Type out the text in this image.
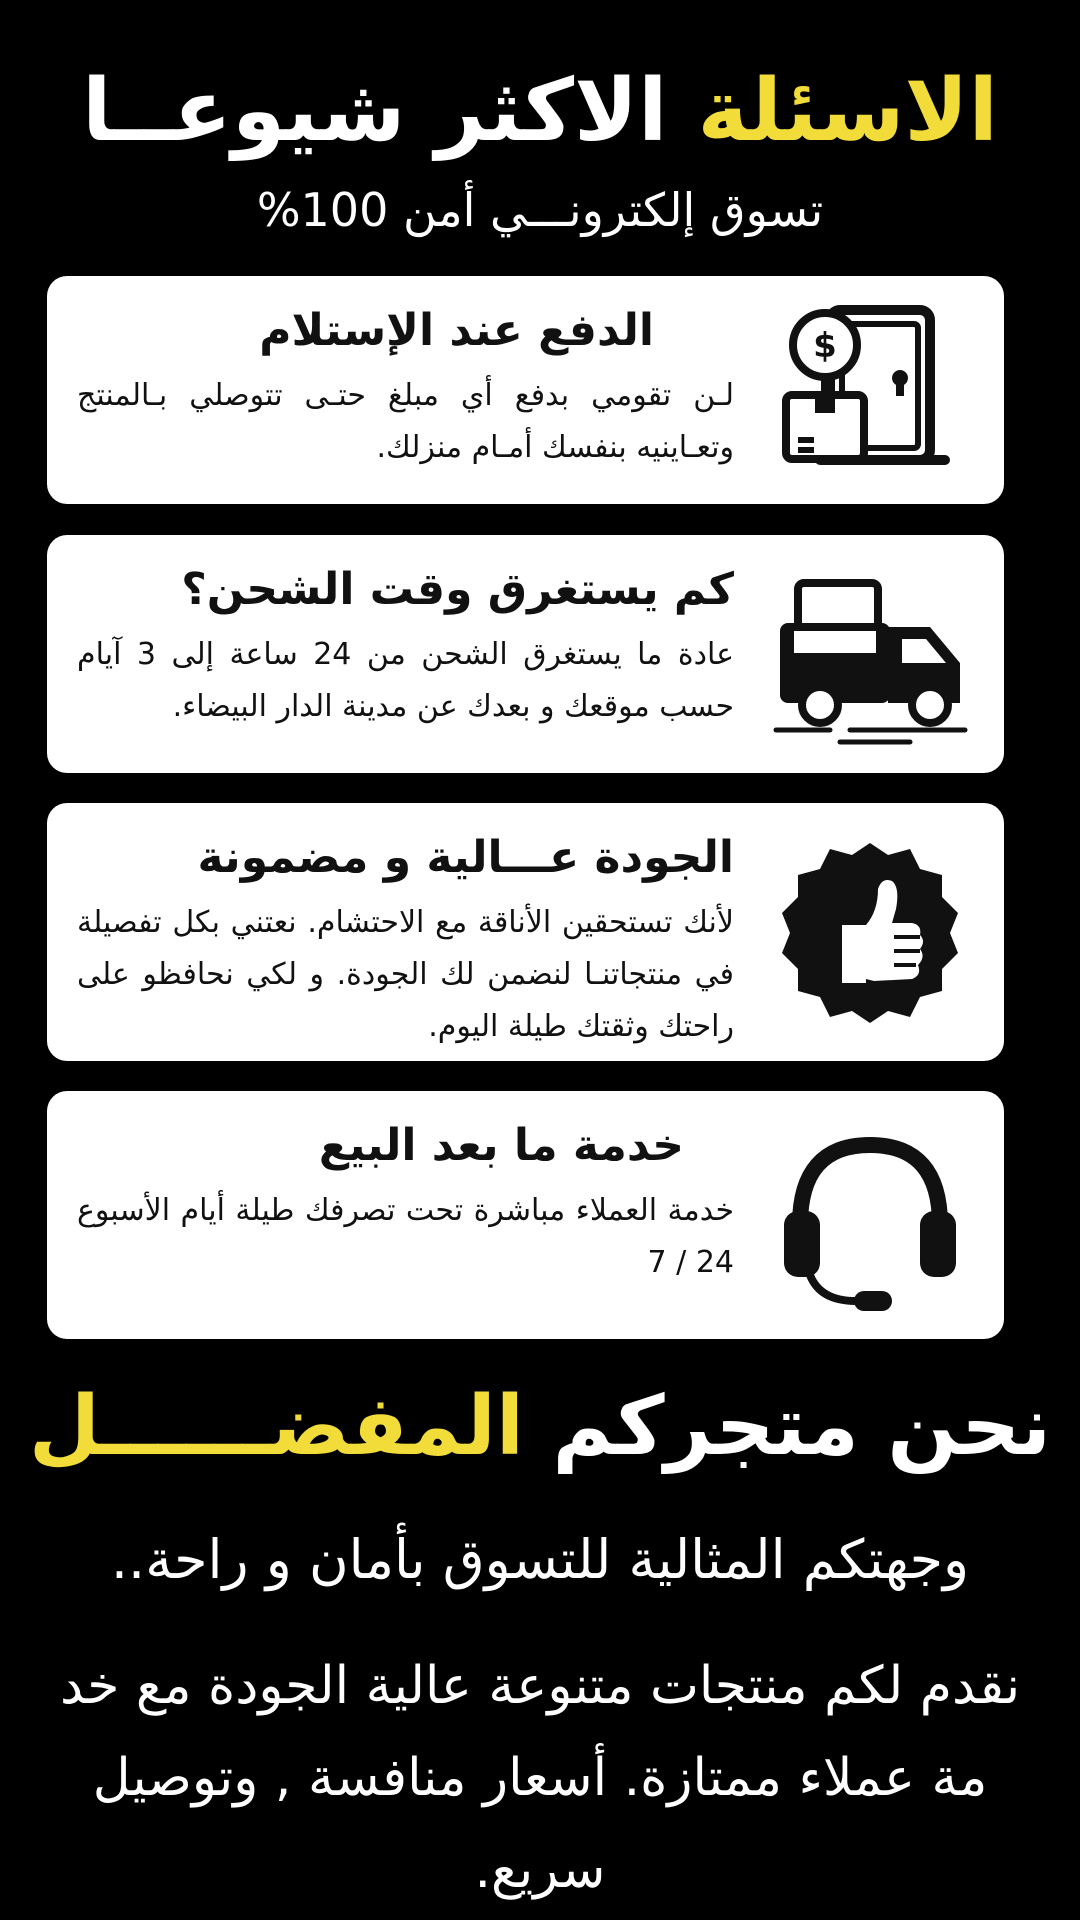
الاسئلة الاكثر شيوعــا
تسوق إلكترونـــي أمن 100%
$
الدفع عند الإستلام

لـن تقومي بدفع أي مبلغ حتـى تتوصلي بـالمنتج وتعـاينيه بنفسك أمـام منزلك.

كم يستغرق وقت الشحن؟

عادة ما يستغرق الشحن من 24 ساعة إلى 3 آيام حسب موقعك و بعدك عن مدينة الدار البيضاء.

الجودة عـــالية و مضمونة

لأنك تستحقين الأناقة مع الاحتشام. نعتني بكل تفصيلة في منتجاتنـا لنضمن لك الجودة. و لكي نحافظو على راحتك وثقتك طيلة اليوم.

خدمة ما بعد البيع

خدمة العملاء مباشرة تحت تصرفك طيلة أيام الأسبوع 24 / 7

نحن متجركم المفضــــــل
وجهتكم المثالية للتسوق بأمان و راحة..
نقدم لكم منتجات متنوعة عالية الجودة مع خد مة عملاء ممتازة. أسعار منافسة , وتوصيل سريع.
